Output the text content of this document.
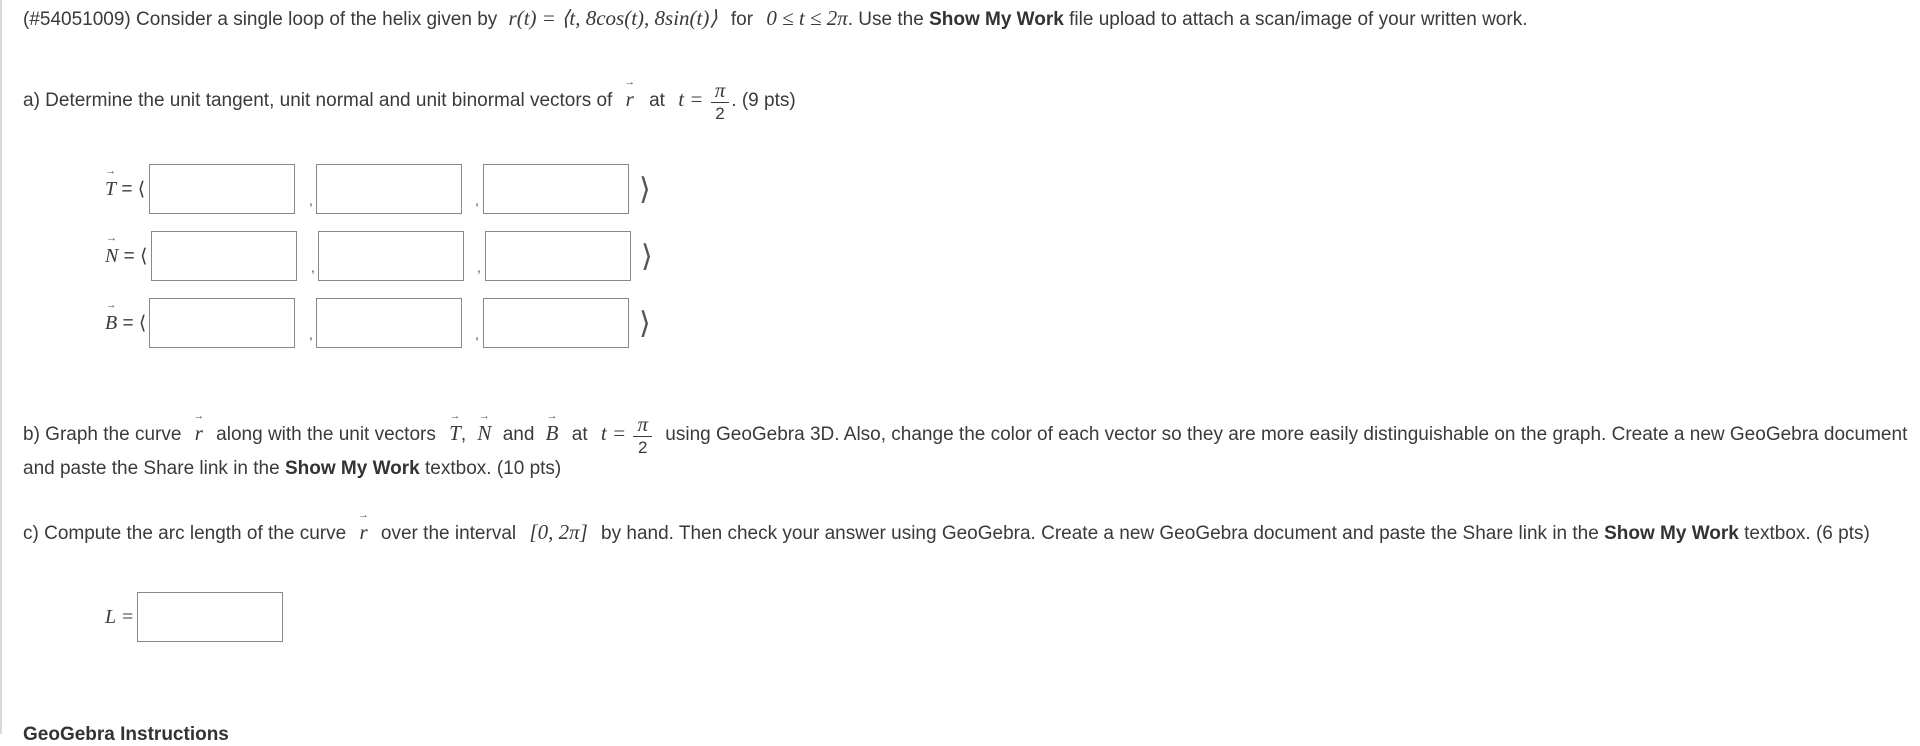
(#54051009) Consider a single loop of the helix given by r(t) = ⟨t, 8cos(t), 8sin(t)⟩ for 0 ≤ t ≤ 2π. Use the Show My Work file upload to attach a scan/image of your written work.
a) Determine the unit tangent, unit normal and unit binormal vectors of
→
r at $t = \frac{\pi}{2}$ . (9 pts)
→
T = ⟨	,	,	⟩
→
N = ⟨	,	,	⟩
→
B = ⟨	,	,	⟩
b) Graph the curve
→
r along with the unit vectors
→
T,
→
N and
→
B at $t = \frac{\pi}{2}$ using GeoGebra 3D. Also, change the color of each vector so they are more easily distinguishable on the graph. Create a new GeoGebra document
and paste the Share link in the Show My Work textbox. (10 pts)
c) Compute the arc length of the curve
→
r over the interval [0, 2π] by hand. Then check your answer using GeoGebra. Create a new GeoGebra document and paste the Share link in the Show My Work textbox. (6 pts)
L =
GeoGebra Instructions
